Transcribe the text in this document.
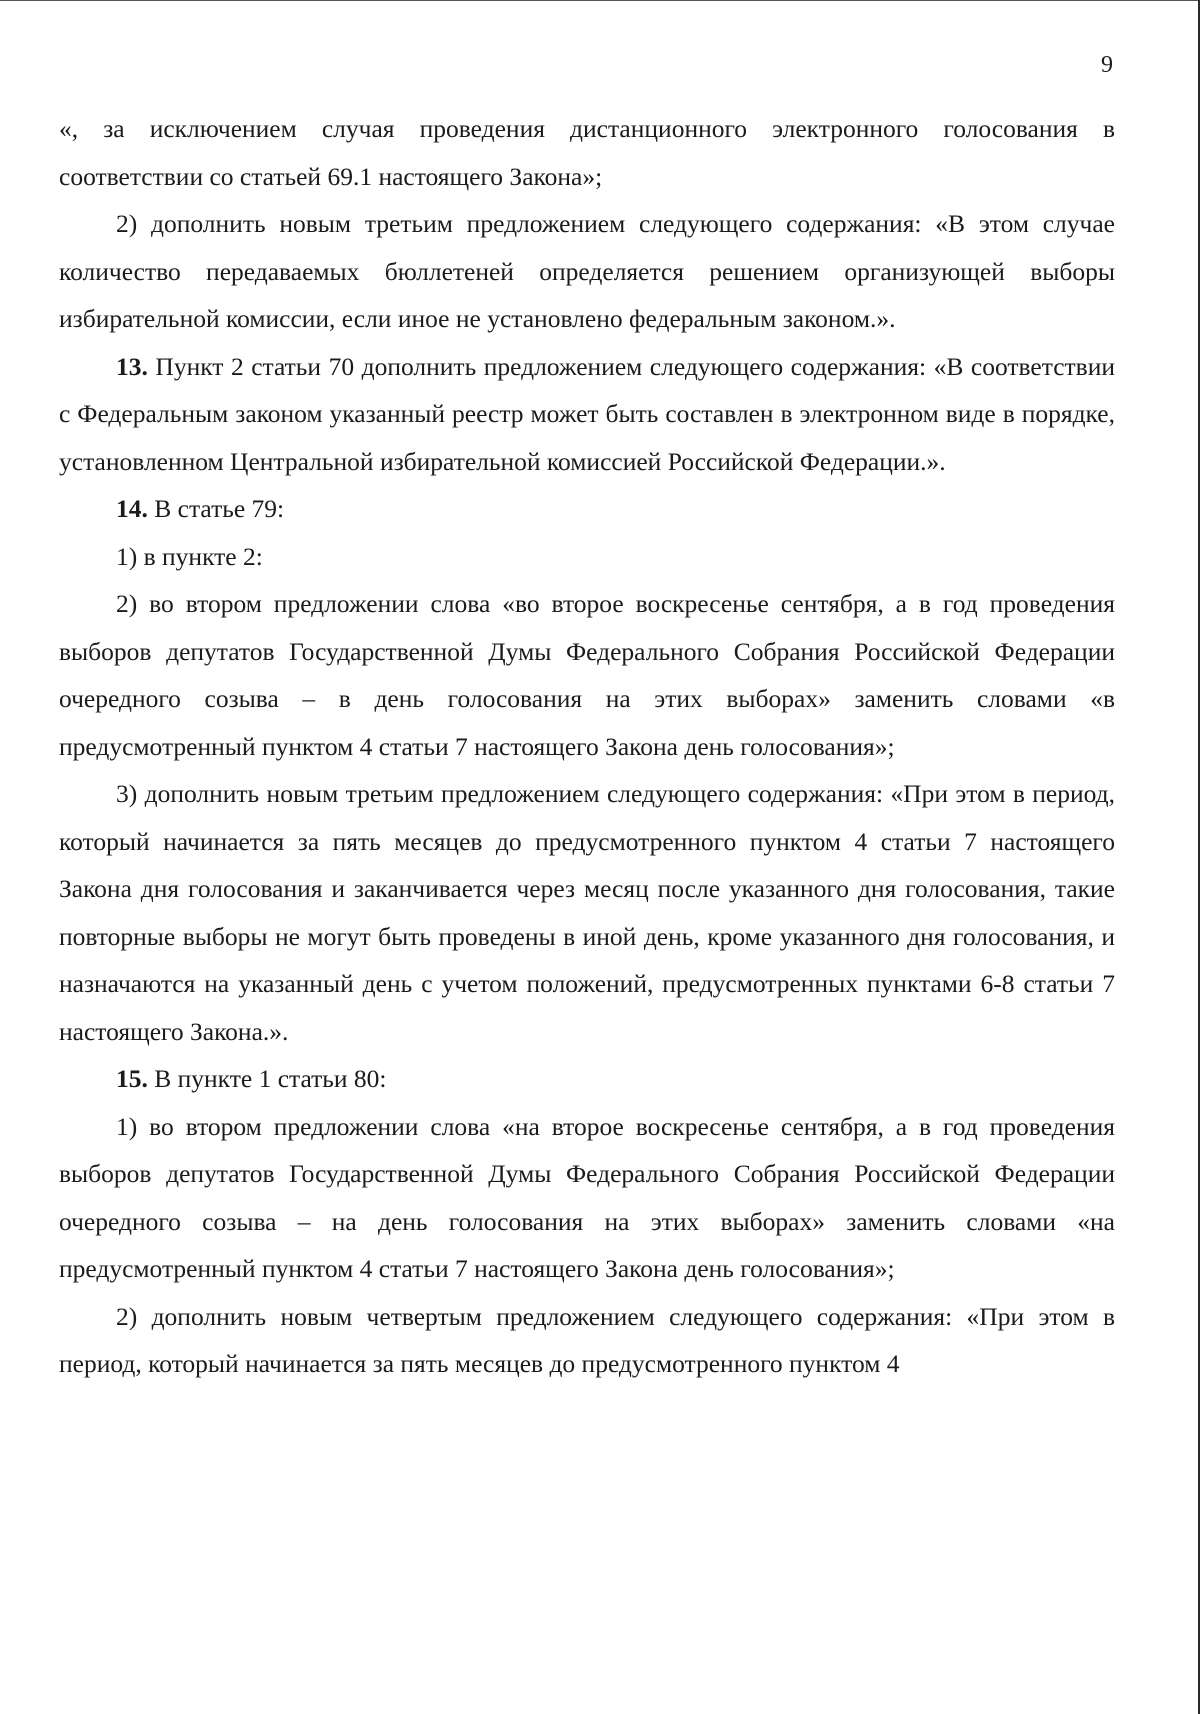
9

«, за исключением случая проведения дистанционного электронного голосования в соответствии со статьей 69.1 настоящего Закона»;

2) дополнить новым третьим предложением следующего содержания: «В этом случае количество передаваемых бюллетеней определяется решением организующей выборы избирательной комиссии, если иное не установлено федеральным законом.».

13. Пункт 2 статьи 70 дополнить предложением следующего содержания: «В соответствии с Федеральным законом указанный реестр может быть составлен в электронном виде в порядке, установленном Центральной избирательной комиссией Российской Федерации.».

14. В статье 79:

1) в пункте 2:

2) во втором предложении слова «во второе воскресенье сентября, а в год проведения выборов депутатов Государственной Думы Федерального Собрания Российской Федерации очередного созыва – в день голосования на этих выборах» заменить словами «в предусмотренный пунктом 4 статьи 7 настоящего Закона день голосования»;

3) дополнить новым третьим предложением следующего содержания: «При этом в период, который начинается за пять месяцев до предусмотренного пунктом 4 статьи 7 настоящего Закона дня голосования и заканчивается через месяц после указанного дня голосования, такие повторные выборы не могут быть проведены в иной день, кроме указанного дня голосования, и назначаются на указанный день с учетом положений, предусмотренных пунктами 6-8 статьи 7 настоящего Закона.».

15. В пункте 1 статьи 80:

1) во втором предложении слова «на второе воскресенье сентября, а в год проведения выборов депутатов Государственной Думы Федерального Собрания Российской Федерации очередного созыва – на день голосования на этих выборах» заменить словами «на предусмотренный пунктом 4 статьи 7 настоящего Закона день голосования»;

2) дополнить новым четвертым предложением следующего содержания: «При этом в период, который начинается за пять месяцев до предусмотренного пунктом 4
